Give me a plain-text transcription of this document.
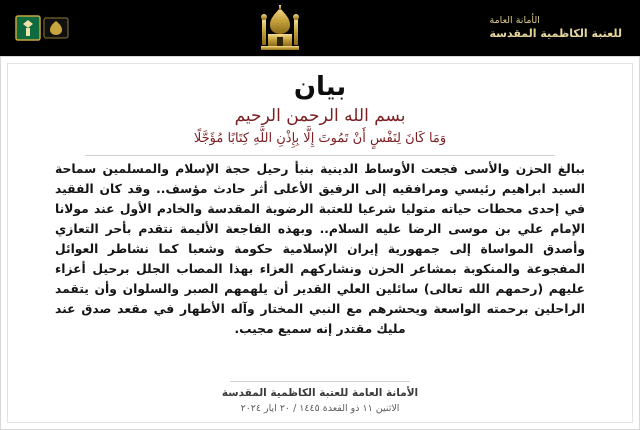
الأمانة العامة
للعتبة الكاظمية المقدسة
بيان
بسم الله الرحمن الرحيم
وَمَا كَانَ لِنَفْسٍ أَنْ تَمُوتَ إِلَّا بِإِذْنِ اللَّهِ كِتَابًا مُؤَجَّلًا

ببالغ الحزن والأسى فجعت الأوساط الدينية بنبأ رحيل حجة الإسلام والمسلمين سماحة السيد ابراهيم رئيسي ومرافقيه إلى الرفيق الأعلى أثر حادث مؤسف.. وقد كان الفقيد في إحدى محطات حياته متوليا شرعيا للعتبة الرضوية المقدسة والخادم الأول عند مولانا الإمام علي بن موسى الرضا عليه السلام.. وبهذه الفاجعة الأليمة نتقدم بأحر التعازي وأصدق المواساة إلى جمهورية إيران الإسلامية حكومة وشعبا كما نشاطر العوائل المفجوعة والمنكوبة بمشاعر الحزن ونشاركهم العزاء بهذا المصاب الجلل برحيل أعزاء عليهم (رحمهم الله تعالى) سائلين العلي القدير أن يلهمهم الصبر والسلوان وأن يتقمد الراحلين برحمته الواسعة ويحشرهم مع النبي المختار وآله الأطهار في مقعد صدق عند مليك مقتدر إنه سميع مجيب.

الأمانة العامة للعتبة الكاظمية المقدسة
الاثنين ١١ ذو القعدة ١٤٤٥ / ٢٠ ايار ٢٠٢٤
